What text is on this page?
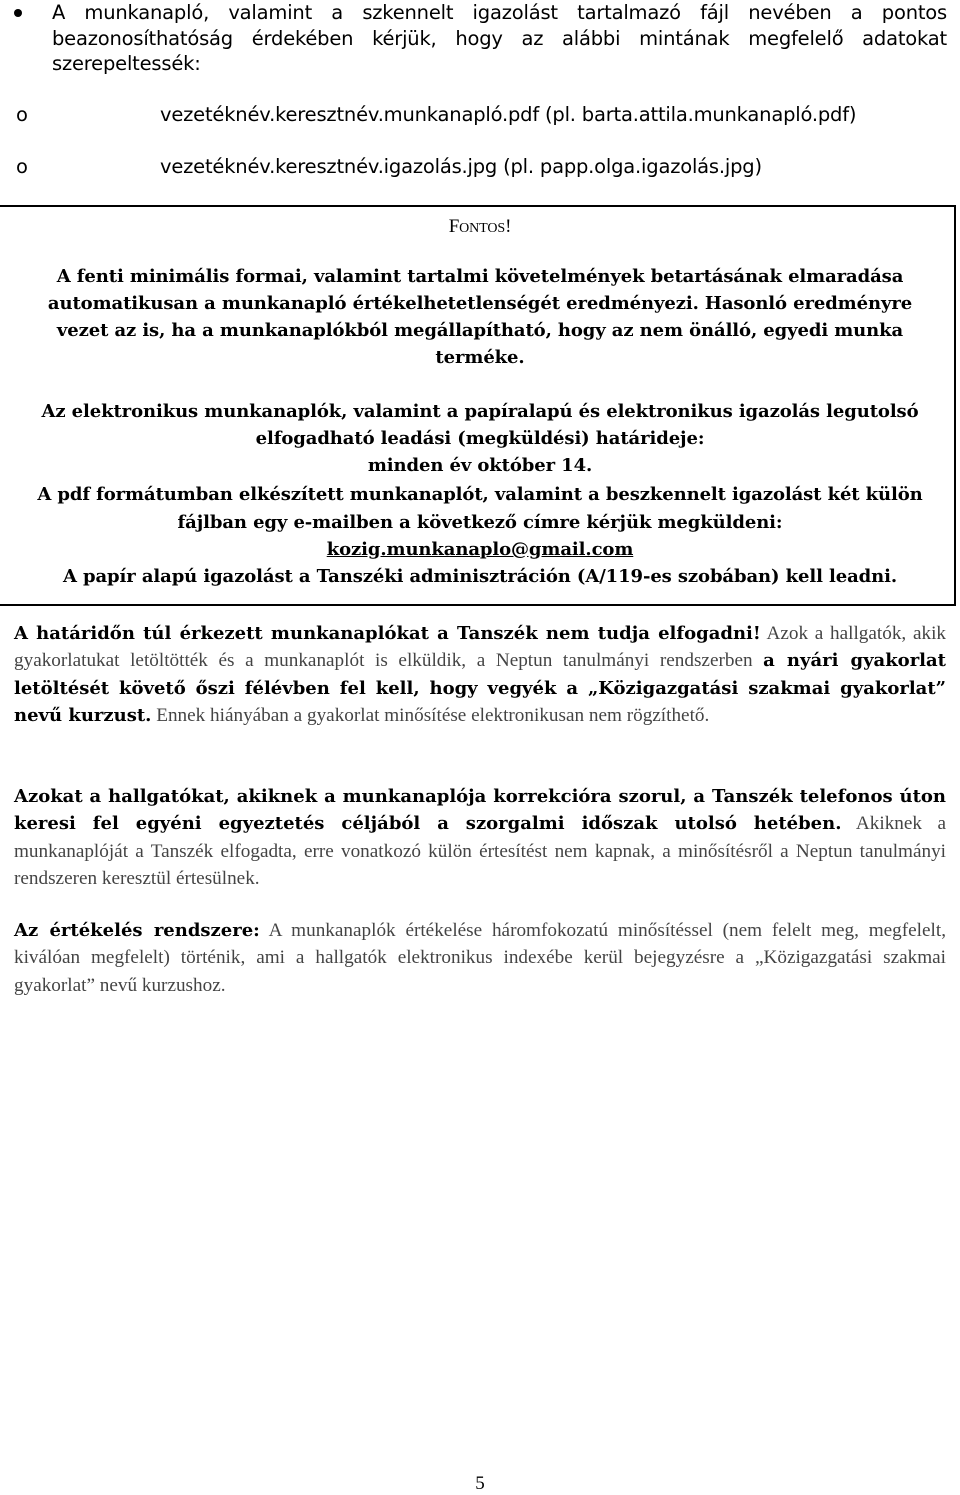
A munkanapló, valamint a szkennelt igazolást tartalmazó fájl nevében a pontos beazonosíthatóság érdekében kérjük, hogy az alábbi mintának megfelelő adatokat szerepeltessék:
o	vezetéknév.keresztnév.munkanapló.pdf (pl. barta.attila.munkanapló.pdf)
o	vezetéknév.keresztnév.igazolás.jpg (pl. papp.olga.igazolás.jpg)
FONTOS!
A fenti minimális formai, valamint tartalmi követelmények betartásának elmaradása
automatikusan a munkanapló értékelhetetlenségét eredményezi. Hasonló eredményre
vezet az is, ha a munkanaplókból megállapítható, hogy az nem önálló, egyedi munka
terméke.
Az elektronikus munkanaplók, valamint a papíralapú és elektronikus igazolás legutolsó
elfogadható leadási (megküldési) határideje:
minden év október 14.
A pdf formátumban elkészített munkanaplót, valamint a beszkennelt igazolást két külön
fájlban egy e-mailben a következő címre kérjük megküldeni:
kozig.munkanaplo@gmail.com
A papír alapú igazolást a Tanszéki adminisztráción (A/119-es szobában) kell leadni.
A határidőn túl érkezett munkanaplókat a Tanszék nem tudja elfogadni! Azok a hallgatók, akik gyakorlatukat letöltötték és a munkanaplót is elküldik, a Neptun tanulmányi rendszerben a nyári gyakorlat letöltését követő őszi félévben fel kell, hogy vegyék a „Közigazgatási szakmai gyakorlat” nevű kurzust. Ennek hiányában a gyakorlat minősítése elektronikusan nem rögzíthető.
Azokat a hallgatókat, akiknek a munkanaplója korrekcióra szorul, a Tanszék telefonos úton keresi fel egyéni egyeztetés céljából a szorgalmi időszak utolsó hetében. Akiknek a munkanaplóját a Tanszék elfogadta, erre vonatkozó külön értesítést nem kapnak, a minősítésről a Neptun tanulmányi rendszeren keresztül értesülnek.
Az értékelés rendszere: A munkanaplók értékelése háromfokozatú minősítéssel (nem felelt meg, megfelelt, kiválóan megfelelt) történik, ami a hallgatók elektronikus indexébe kerül bejegyzésre a „Közigazgatási szakmai gyakorlat” nevű kurzushoz.
5
